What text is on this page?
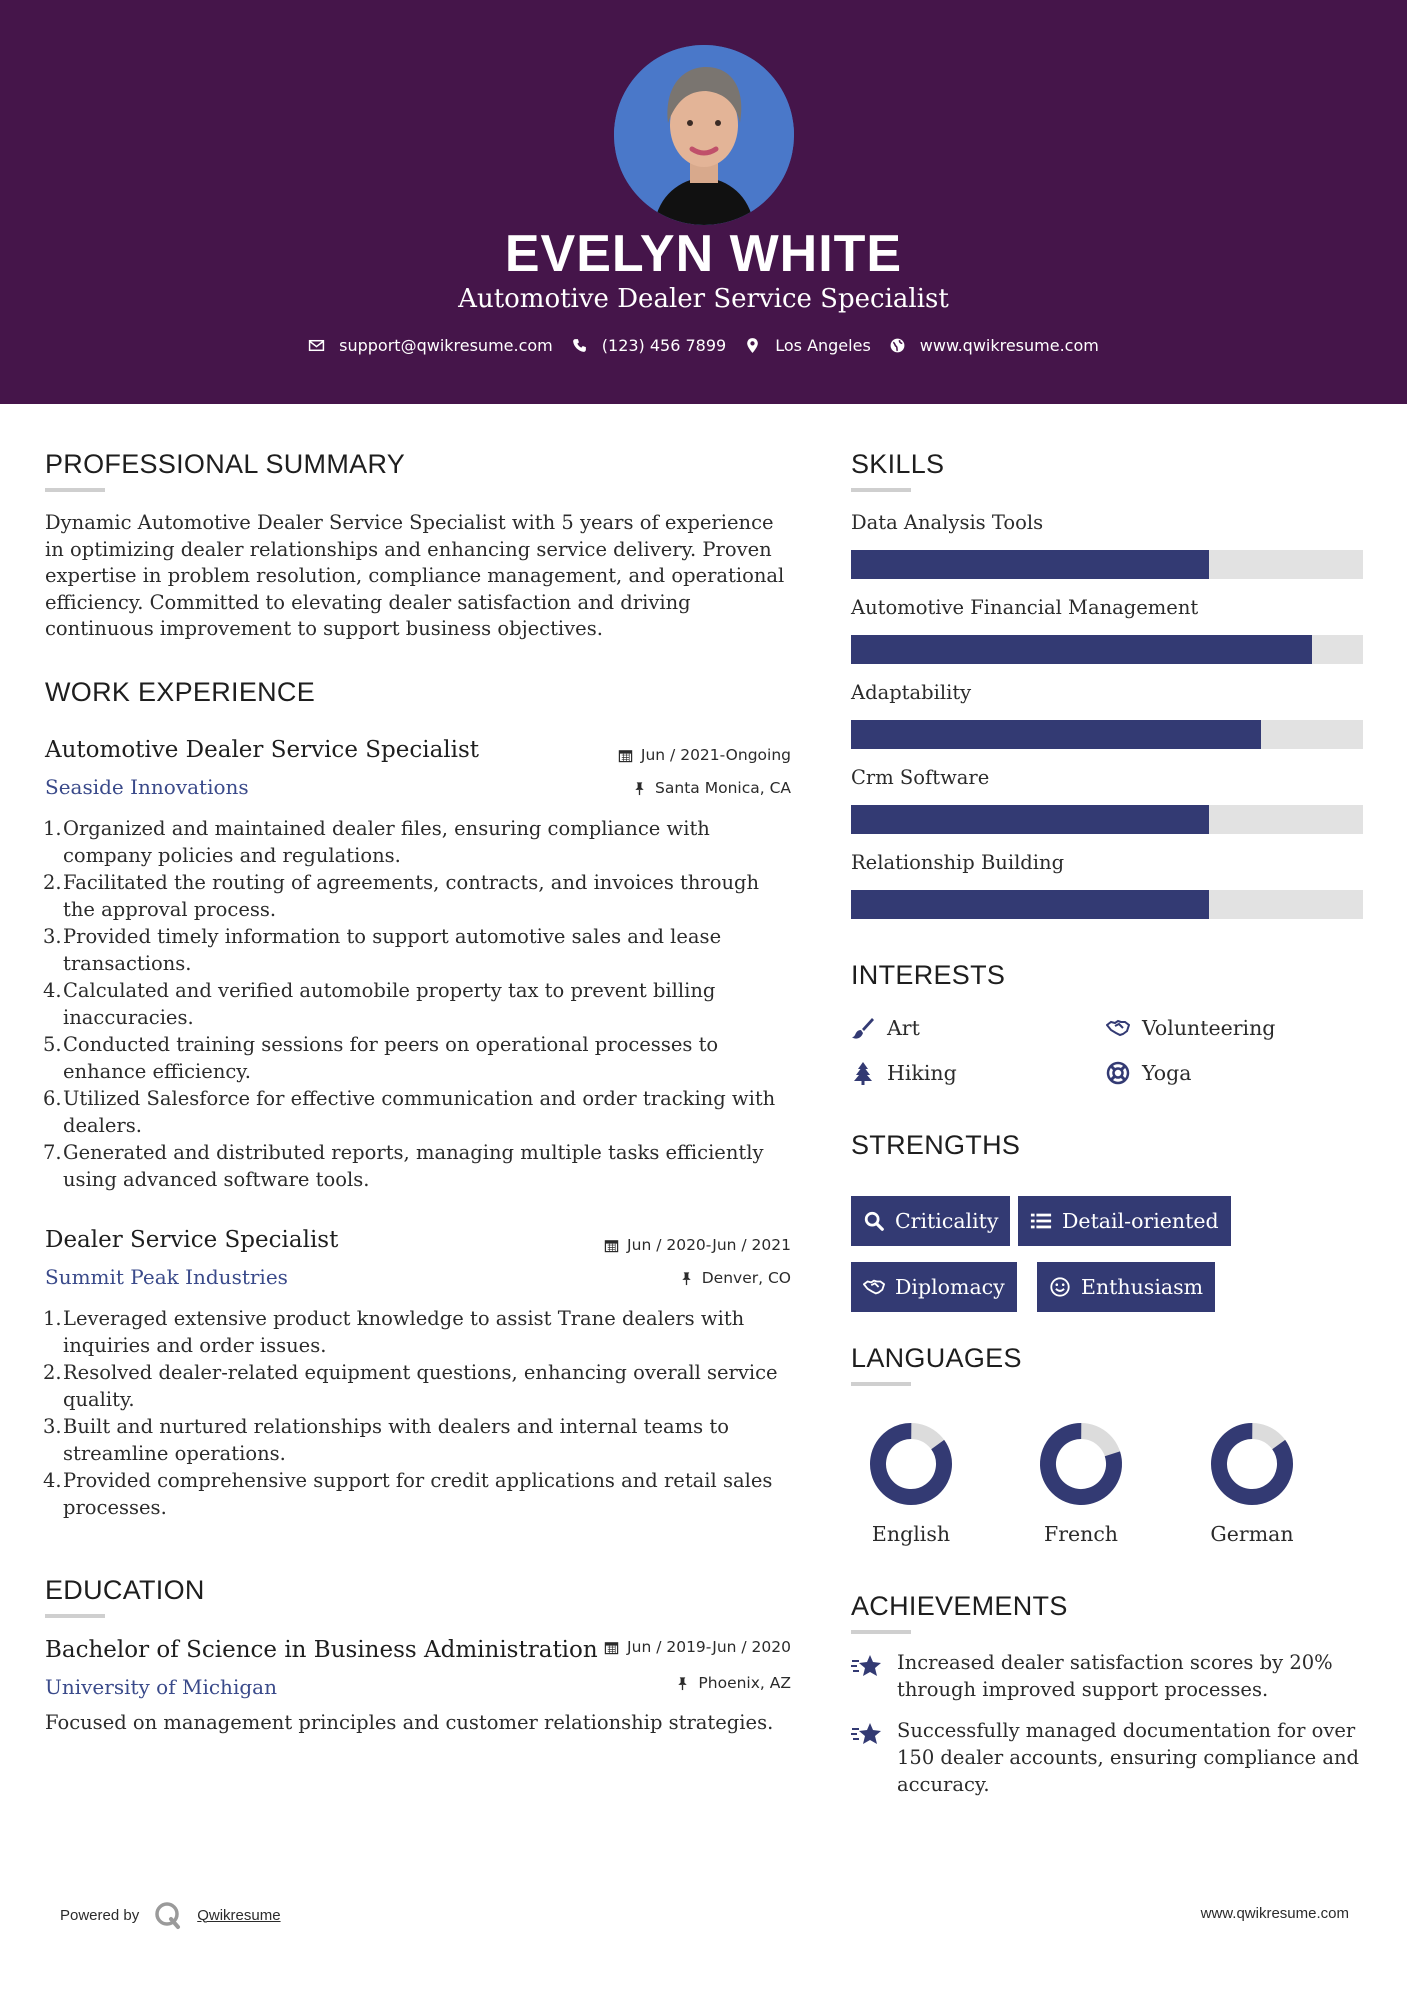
EVELYN WHITE
Automotive Dealer Service Specialist
support@qwikresume.com	(123) 456 7899	Los Angeles	www.qwikresume.com
PROFESSIONAL SUMMARY
Dynamic Automotive Dealer Service Specialist with 5 years of experience in optimizing dealer relationships and enhancing service delivery. Proven expertise in problem resolution, compliance management, and operational efficiency. Committed to elevating dealer satisfaction and driving continuous improvement to support business objectives.
WORK EXPERIENCE
Automotive Dealer Service Specialist
Seaside Innovations
Jun / 2021-Ongoing
Santa Monica, CA
1. Organized and maintained dealer files, ensuring compliance with company policies and regulations.
2. Facilitated the routing of agreements, contracts, and invoices through the approval process.
3. Provided timely information to support automotive sales and lease transactions.
4. Calculated and verified automobile property tax to prevent billing inaccuracies.
5. Conducted training sessions for peers on operational processes to enhance efficiency.
6. Utilized Salesforce for effective communication and order tracking with dealers.
7. Generated and distributed reports, managing multiple tasks efficiently using advanced software tools.
Dealer Service Specialist
Summit Peak Industries
Jun / 2020-Jun / 2021
Denver, CO
1. Leveraged extensive product knowledge to assist Trane dealers with inquiries and order issues.
2. Resolved dealer-related equipment questions, enhancing overall service quality.
3. Built and nurtured relationships with dealers and internal teams to streamline operations.
4. Provided comprehensive support for credit applications and retail sales processes.
EDUCATION
Bachelor of Science in Business Administration
University of Michigan
Jun / 2019-Jun / 2020
Phoenix, AZ
Focused on management principles and customer relationship strategies.
SKILLS
Data Analysis Tools
Automotive Financial Management
Adaptability
Crm Software
Relationship Building
INTERESTS
Art	Volunteering
Hiking	Yoga
STRENGTHS
Criticality	Detail-oriented
Diplomacy	Enthusiasm
LANGUAGES
English	French	German
ACHIEVEMENTS
Increased dealer satisfaction scores by 20% through improved support processes.
Successfully managed documentation for over 150 dealer accounts, ensuring compliance and accuracy.
Powered by	Qwikresume	www.qwikresume.com
